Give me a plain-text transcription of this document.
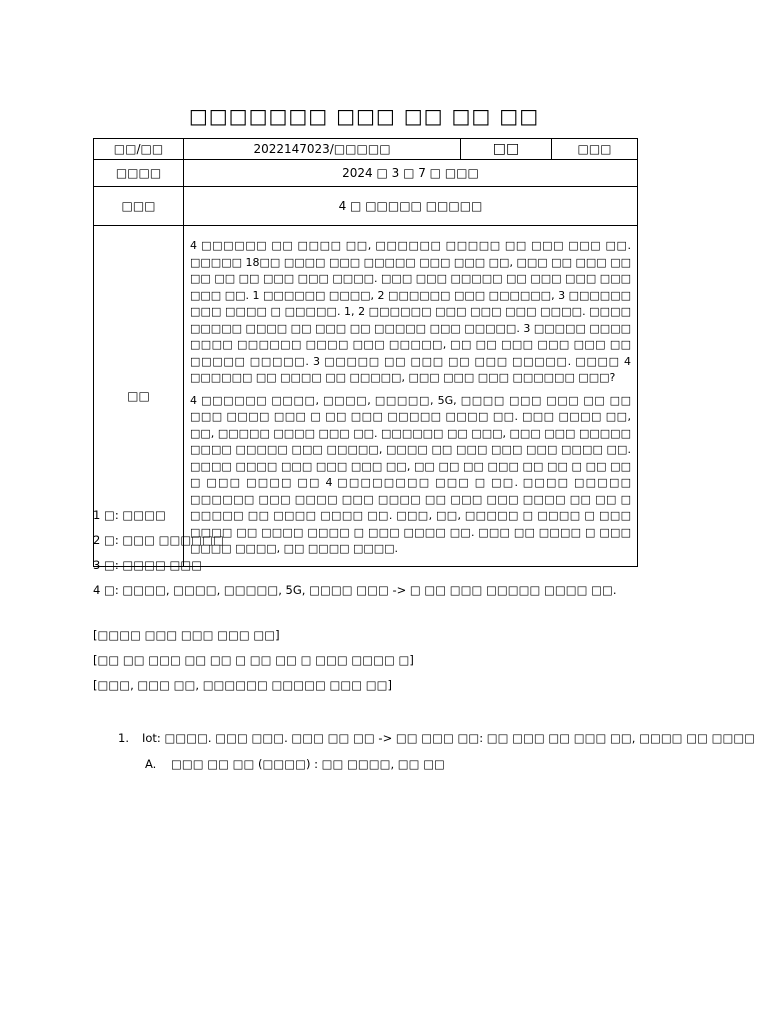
□□□□□□□ □□□ □□ □□ □□
□□/□□	2022147023/□□□□□	□□	□□□
□□□□	2024 □ 3 □ 7 □ □□□		
□□□	4 □ □□□□□ □□□□□		
□□	4 □□□□□□ □□ □□□□ □□, □□□□□□ □□□□□ □□ □□□ □□□ □□. □□□□□ 18□□ □□□□ □□□ □□□□□ □□□ □□□ □□, □□□ □□ □□□ □□ □□ □□ □□ □□□ □□□ □□□□. □□□ □□□ □□□□□ □□ □□□ □□□ □□□ □□□ □□. 1 □□□□□□ □□□□, 2 □□□□□□ □□□ □□□□□□, 3 □□□□□□ □□□ □□□□ □ □□□□□. 1, 2 □□□□□□ □□□ □□□ □□□ □□□□. □□□□ □□□□□ □□□□ □□ □□□ □□ □□□□□ □□□ □□□□□. 3 □□□□□ □□□□ □□□□ □□□□□□ □□□□ □□□ □□□□□, □□ □□ □□□ □□□ □□□ □□ □□□□□ □□□□□. 3 □□□□□ □□ □□□ □□ □□□ □□□□□. □□□□ 4 □□□□□□ □□ □□□□ □□ □□□□□, □□□ □□□ □□□ □□□□□□ □□□?

4 □□□□□□ □□□□, □□□□, □□□□□, 5G, □□□□ □□□ □□□ □□ □□ □□□ □□□□ □□□ □ □□ □□□ □□□□□ □□□□ □□. □□□ □□□□ □□, □□, □□□□□ □□□□ □□□ □□. □□□□□□ □□ □□□, □□□ □□□ □□□□□ □□□□ □□□□□ □□□ □□□□□, □□□□ □□ □□□ □□□ □□□ □□□□ □□. □□□□ □□□□ □□□ □□□ □□□ □□, □□ □□ □□ □□□ □□ □□ □ □□ □□ □ □□□ □□□□ □□ 4 □□□□□□□□ □□□ □ □□. □□□□ □□□□□ □□□□□□ □□□ □□□□ □□□ □□□□ □□ □□□ □□□ □□□□ □□ □□ □ □□□□□ □□ □□□□ □□□□ □□. □□□, □□, □□□□□ □ □□□□ □ □□□ □□□□ □□ □□□□ □□□□ □ □□□ □□□□ □□. □□□ □□ □□□□ □ □□□ □□□□ □□□□, □□ □□□□ □□□□.		

1 □: □□□□
2 □: □□□ □□□□□□
3 □: □□□□ □□□
4 □: □□□□, □□□□, □□□□□, 5G, □□□□ □□□ -> □ □□ □□□ □□□□□ □□□□ □□.
[□□□□ □□□ □□□ □□□ □□]
[□□ □□ □□□ □□ □□ □ □□ □□ □ □□□ □□□□ □]
[□□□, □□□ □□, □□□□□□ □□□□□ □□□ □□]
1. Iot: □□□□. □□□ □□□. □□□ □□ □□ -> □□ □□□ □□: □□ □□□ □□ □□□ □□, □□□□ □□ □□□□
A. □□□ □□ □□ (□□□□) : □□ □□□□, □□ □□
